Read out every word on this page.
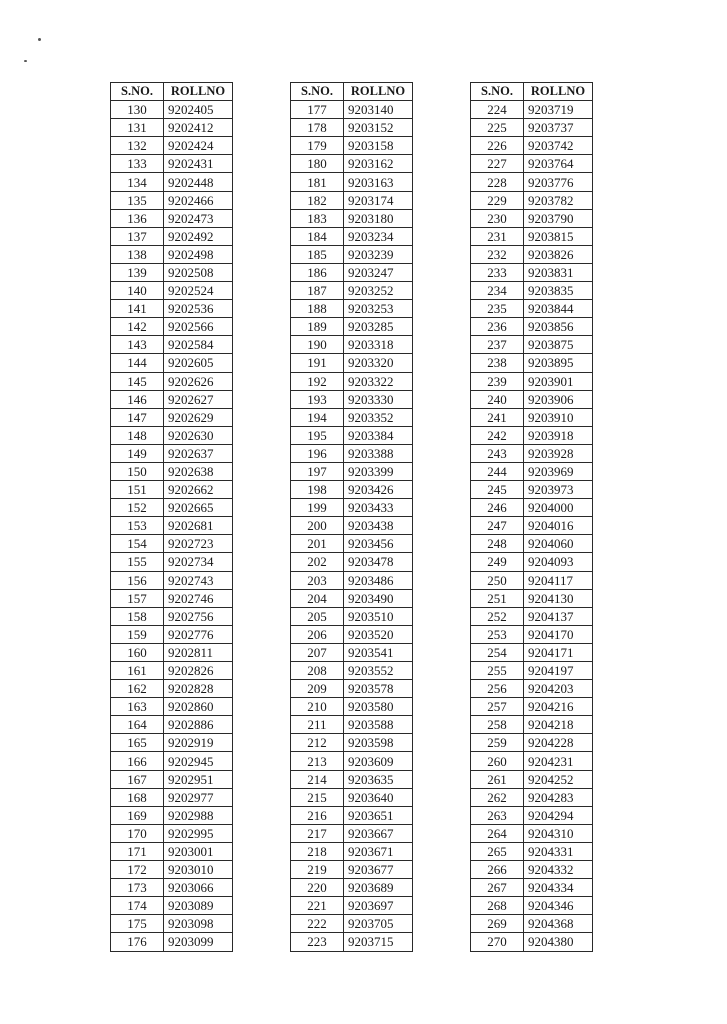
S.NO.	ROLLNO
130	9202405
131	9202412
132	9202424
133	9202431
134	9202448
135	9202466
136	9202473
137	9202492
138	9202498
139	9202508
140	9202524
141	9202536
142	9202566
143	9202584
144	9202605
145	9202626
146	9202627
147	9202629
148	9202630
149	9202637
150	9202638
151	9202662
152	9202665
153	9202681
154	9202723
155	9202734
156	9202743
157	9202746
158	9202756
159	9202776
160	9202811
161	9202826
162	9202828
163	9202860
164	9202886
165	9202919
166	9202945
167	9202951
168	9202977
169	9202988
170	9202995
171	9203001
172	9203010
173	9203066
174	9203089
175	9203098
176	9203099
S.NO.	ROLLNO
177	9203140
178	9203152
179	9203158
180	9203162
181	9203163
182	9203174
183	9203180
184	9203234
185	9203239
186	9203247
187	9203252
188	9203253
189	9203285
190	9203318
191	9203320
192	9203322
193	9203330
194	9203352
195	9203384
196	9203388
197	9203399
198	9203426
199	9203433
200	9203438
201	9203456
202	9203478
203	9203486
204	9203490
205	9203510
206	9203520
207	9203541
208	9203552
209	9203578
210	9203580
211	9203588
212	9203598
213	9203609
214	9203635
215	9203640
216	9203651
217	9203667
218	9203671
219	9203677
220	9203689
221	9203697
222	9203705
223	9203715
S.NO.	ROLLNO
224	9203719
225	9203737
226	9203742
227	9203764
228	9203776
229	9203782
230	9203790
231	9203815
232	9203826
233	9203831
234	9203835
235	9203844
236	9203856
237	9203875
238	9203895
239	9203901
240	9203906
241	9203910
242	9203918
243	9203928
244	9203969
245	9203973
246	9204000
247	9204016
248	9204060
249	9204093
250	9204117
251	9204130
252	9204137
253	9204170
254	9204171
255	9204197
256	9204203
257	9204216
258	9204218
259	9204228
260	9204231
261	9204252
262	9204283
263	9204294
264	9204310
265	9204331
266	9204332
267	9204334
268	9204346
269	9204368
270	9204380
